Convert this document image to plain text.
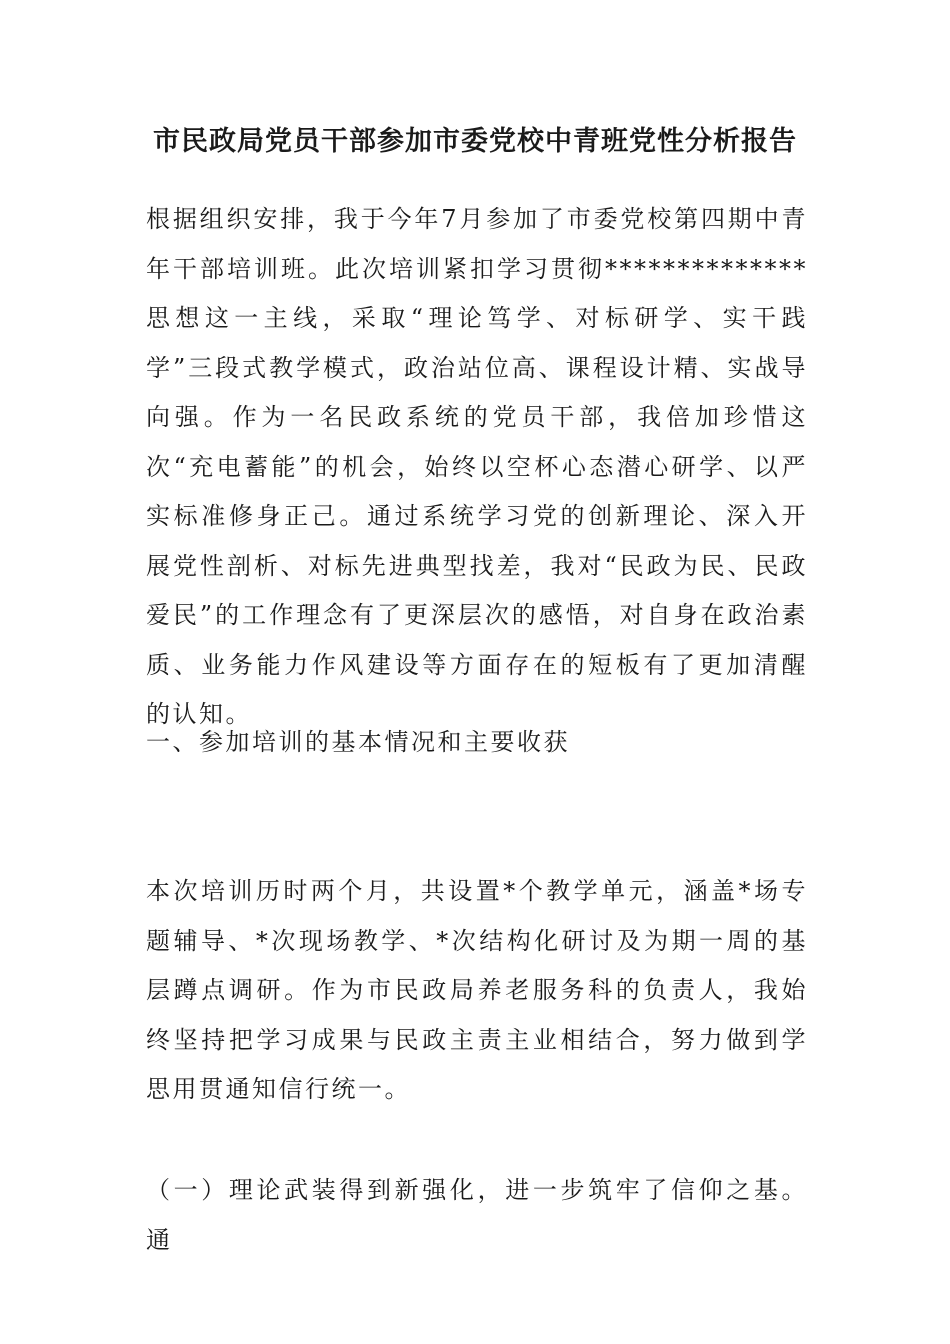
市民政局党员干部参加市委党校中青班党性分析报告

根据组织安排，我于今年7月参加了市委党校第四期中青年干部培训班。此次培训紧扣学习贯彻**************思想这一主线，采取“理论笃学、对标研学、实干践学”三段式教学模式，政治站位高、课程设计精、实战导向强。作为一名民政系统的党员干部，我倍加珍惜这次“充电蓄能”的机会，始终以空杯心态潜心研学、以严实标准修身正己。通过系统学习党的创新理论、深入开展党性剖析、对标先进典型找差，我对“民政为民、民政爱民”的工作理念有了更深层次的感悟，对自身在政治素质、业务能力作风建设等方面存在的短板有了更加清醒的认知。

一、参加培训的基本情况和主要收获

本次培训历时两个月，共设置*个教学单元，涵盖*场专题辅导、*次现场教学、*次结构化研讨及为期一周的基层蹲点调研。作为市民政局养老服务科的负责人，我始终坚持把学习成果与民政主责主业相结合，努力做到学思用贯通知信行统一。

（一）理论武装得到新强化，进一步筑牢了信仰之基。通
